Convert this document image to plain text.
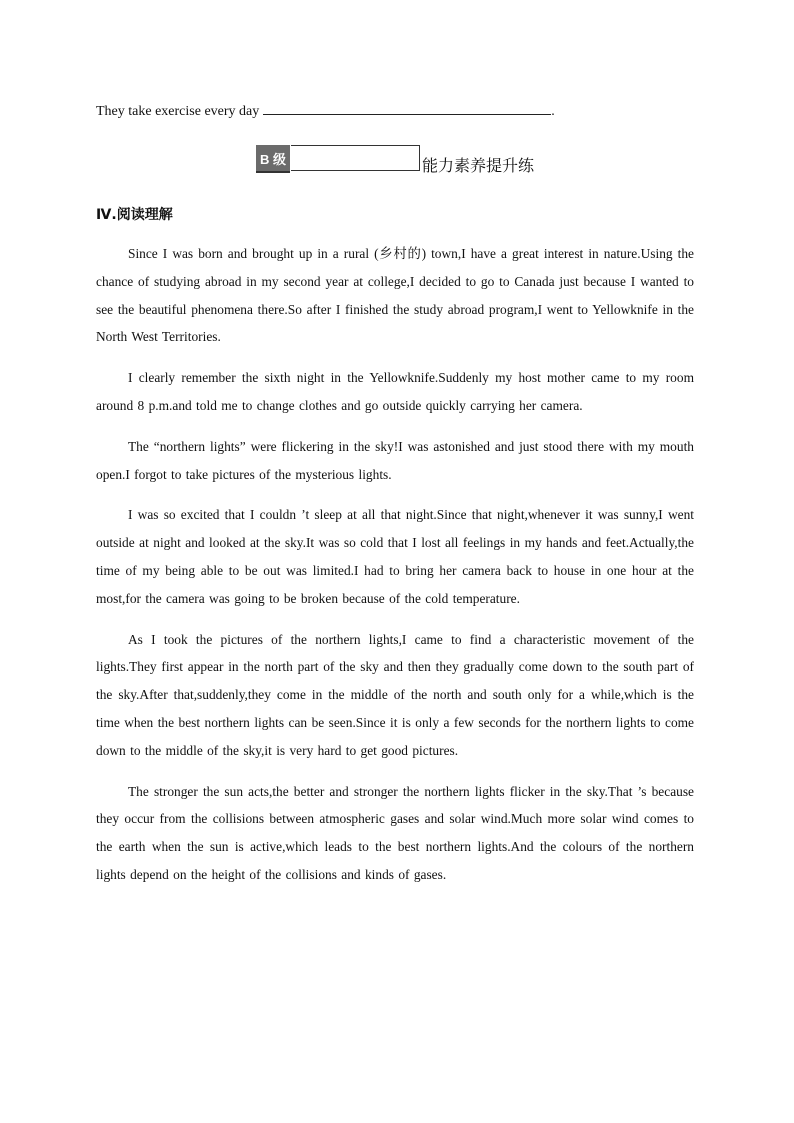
They take exercise every day	.
B 级	能力素养提升练
Ⅳ.阅读理解

Since I was born and brought up in a rural (乡村的) town,I have a great interest in nature.Using the chance of studying abroad in my second year at college,I decided to go to Canada just because I wanted to see the beautiful phenomena there.So after I finished the study abroad program,I went to Yellowknife in the North West Territories.

I clearly remember the sixth night in the Yellowknife.Suddenly my host mother came to my room around 8 p.m.and told me to change clothes and go outside quickly carrying her camera.

The “northern lights” were flickering in the sky!I was astonished and just stood there with my mouth open.I forgot to take pictures of the mysterious lights.

I was so excited that I couldn ’t sleep at all that night.Since that night,whenever it was sunny,I went outside at night and looked at the sky.It was so cold that I lost all feelings in my hands and feet.Actually,the time of my being able to be out was limited.I had to bring her camera back to house in one hour at the most,for the camera was going to be broken because of the cold temperature.

As I took the pictures of the northern lights,I came to find a characteristic movement of the lights.They first appear in the north part of the sky and then they gradually come down to the south part of the sky.After that,suddenly,they come in the middle of the north and south only for a while,which is the time when the best northern lights can be seen.Since it is only a few seconds for the northern lights to come down to the middle of the sky,it is very hard to get good pictures.

The stronger the sun acts,the better and stronger the northern lights flicker in the sky.That ’s because they occur from the collisions between atmospheric gases and solar wind.Much more solar wind comes to the earth when the sun is active,which leads to the best northern lights.And the colours of the northern lights depend on the height of the collisions and kinds of gases.
